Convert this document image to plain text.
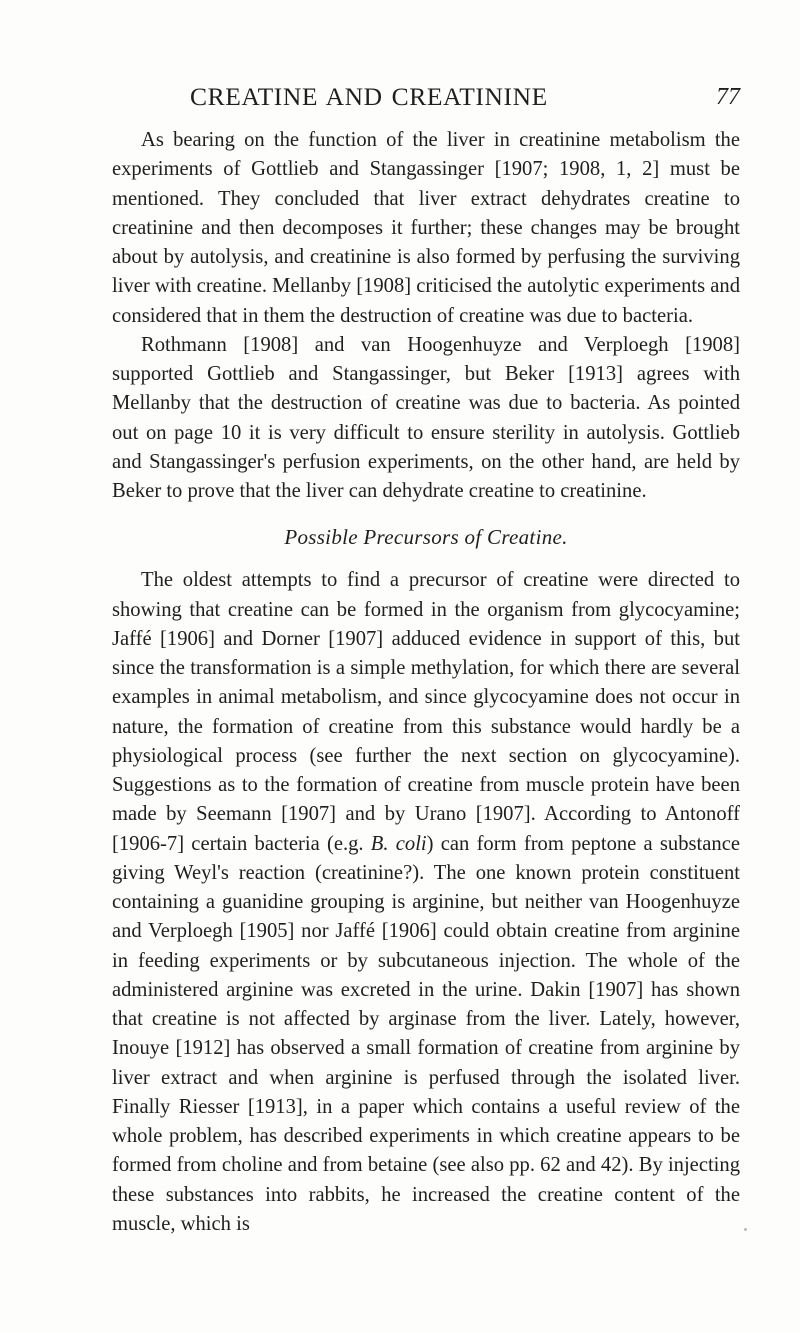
CREATINE AND CREATININE	77

As bearing on the function of the liver in creatinine metabolism the experiments of Gottlieb and Stangassinger [1907; 1908, 1, 2] must be mentioned. They concluded that liver extract dehydrates creatine to creatinine and then decomposes it further; these changes may be brought about by autolysis, and creatinine is also formed by perfusing the surviving liver with creatine. Mellanby [1908] criticised the autolytic experiments and considered that in them the destruction of creatine was due to bacteria.

Rothmann [1908] and van Hoogenhuyze and Verploegh [1908] supported Gottlieb and Stangassinger, but Beker [1913] agrees with Mellanby that the destruction of creatine was due to bacteria. As pointed out on page 10 it is very difficult to ensure sterility in autolysis. Gottlieb and Stangassinger's perfusion experiments, on the other hand, are held by Beker to prove that the liver can dehydrate creatine to creatinine.

Possible Precursors of Creatine.

The oldest attempts to find a precursor of creatine were directed to showing that creatine can be formed in the organism from glycocyamine; Jaffé [1906] and Dorner [1907] adduced evidence in support of this, but since the transformation is a simple methylation, for which there are several examples in animal metabolism, and since glycocyamine does not occur in nature, the formation of creatine from this substance would hardly be a physiological process (see further the next section on glycocyamine). Suggestions as to the formation of creatine from muscle protein have been made by Seemann [1907] and by Urano [1907]. According to Antonoff [1906-7] certain bacteria (e.g. B. coli) can form from peptone a substance giving Weyl's reaction (creatinine?). The one known protein constituent containing a guanidine grouping is arginine, but neither van Hoogenhuyze and Verploegh [1905] nor Jaffé [1906] could obtain creatine from arginine in feeding experiments or by subcutaneous injection. The whole of the administered arginine was excreted in the urine. Dakin [1907] has shown that creatine is not affected by arginase from the liver. Lately, however, Inouye [1912] has observed a small formation of creatine from arginine by liver extract and when arginine is perfused through the isolated liver. Finally Riesser [1913], in a paper which contains a useful review of the whole problem, has described experiments in which creatine appears to be formed from choline and from betaine (see also pp. 62 and 42). By injecting these substances into rabbits, he increased the creatine content of the muscle, which is
